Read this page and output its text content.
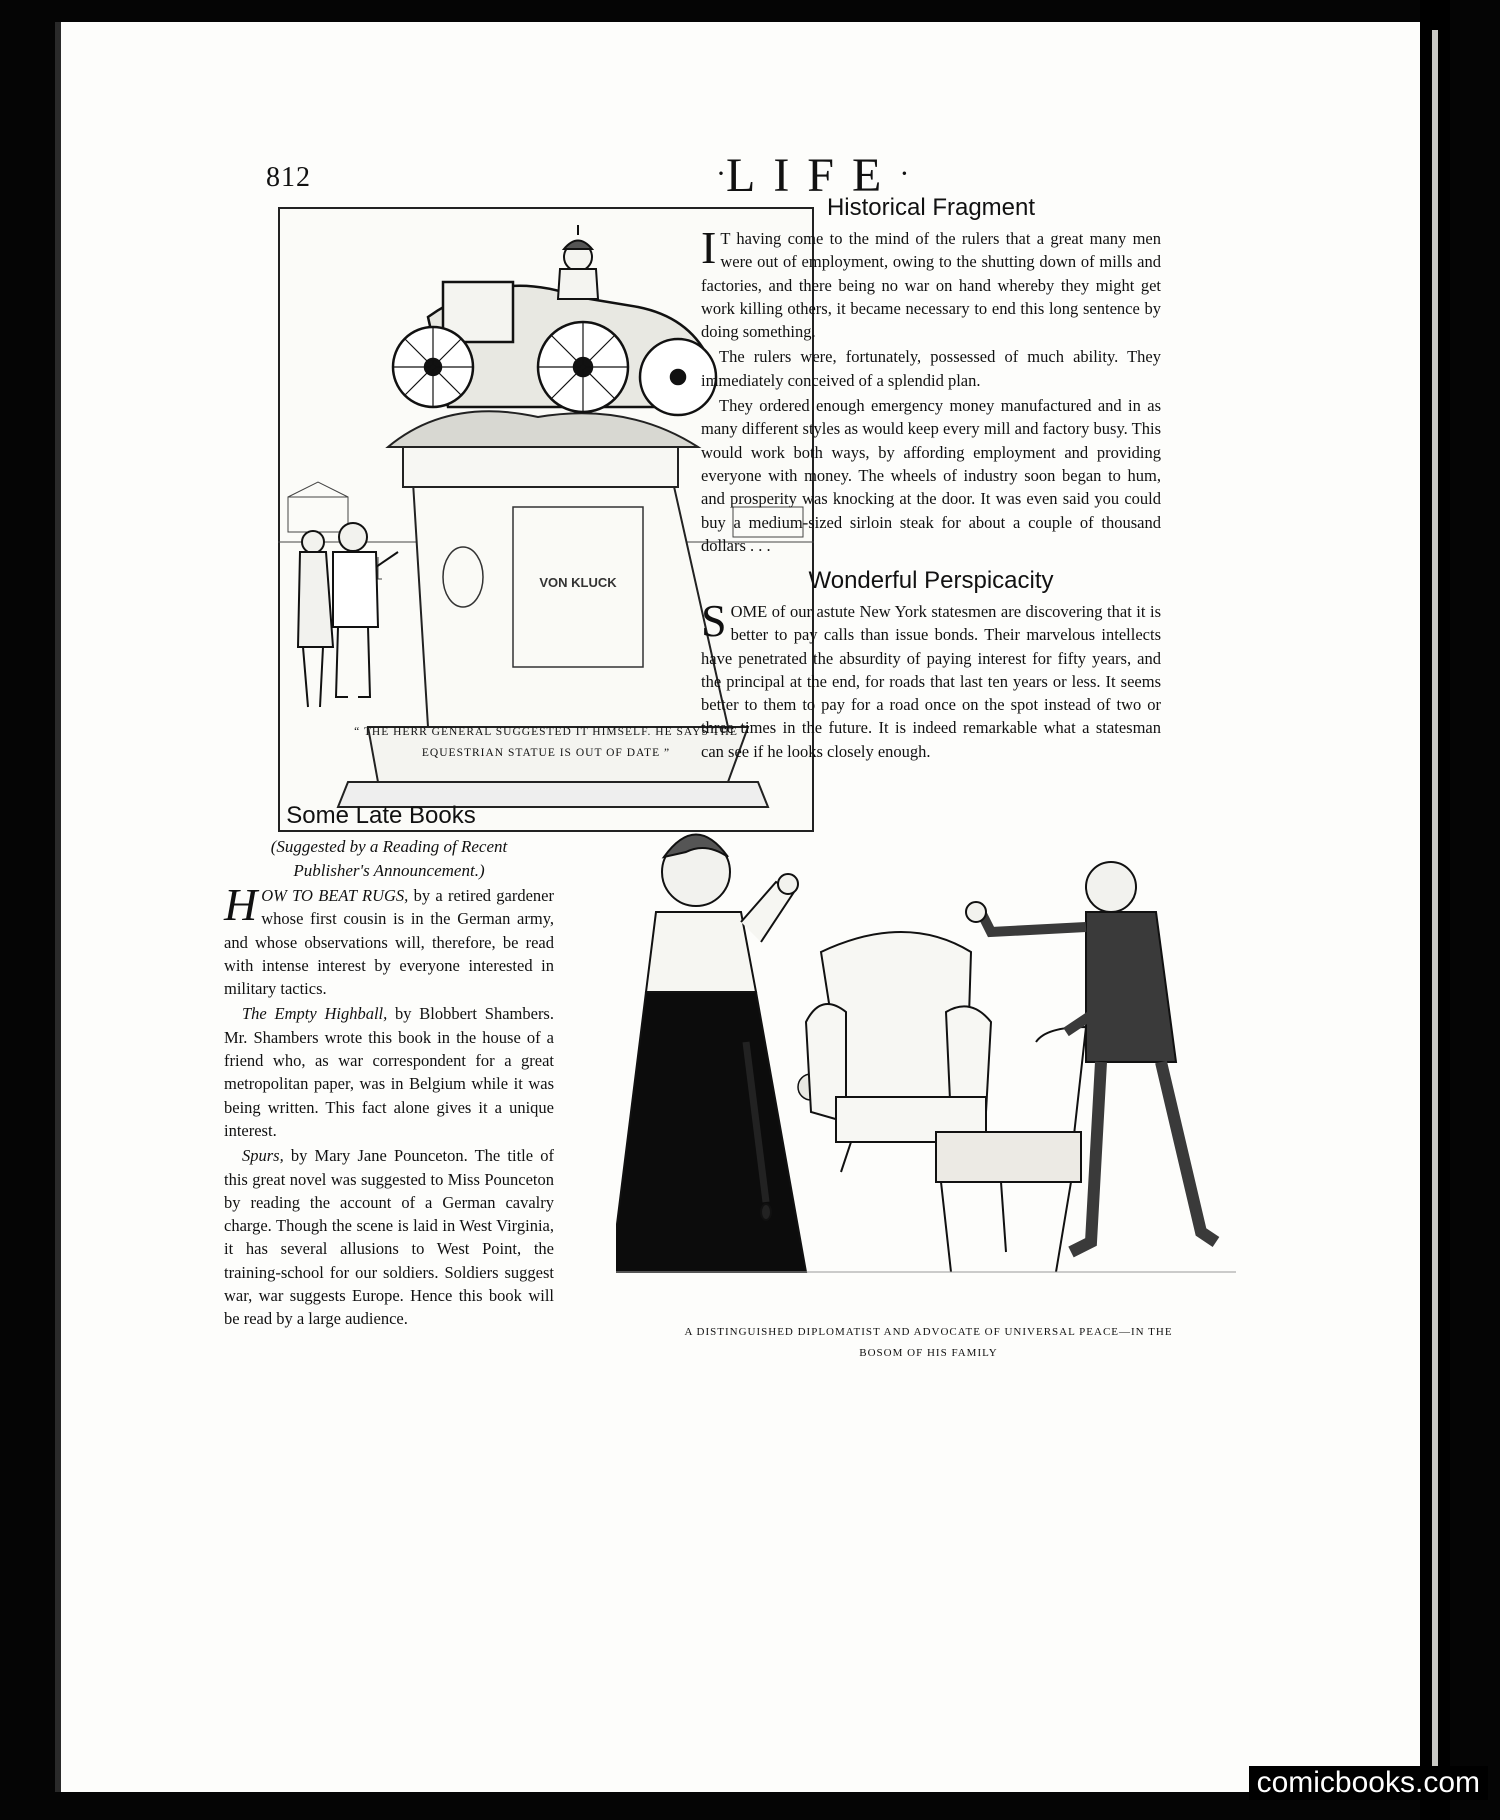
812	·LIFE·
VON KLUCK
“ THE HERR GENERAL SUGGESTED IT HIMSELF. HE SAYS THE
EQUESTRIAN STATUE IS OUT OF DATE ”
Historical Fragment

I T having come to the mind of the rulers that a great many men were out of employment, owing to the shutting down of mills and factories, and there being no war on hand whereby they might get work killing others, it became necessary to end this long sentence by doing something.

The rulers were, fortunately, possessed of much ability. They immediately conceived of a splendid plan.

They ordered enough emergency money manufactured and in as many different styles as would keep every mill and factory busy. This would work both ways, by affording employment and providing everyone with money. The wheels of industry soon began to hum, and prosperity was knocking at the door. It was even said you could buy a medium-sized sirloin steak for about a couple of thousand dollars . . .

Wonderful Perspicacity

SOME of our astute New York statesmen are discovering that it is better to pay calls than issue bonds. Their marvelous intellects have penetrated the absurdity of paying interest for fifty years, and the principal at the end, for roads that last ten years or less. It seems better to them to pay for a road once on the spot instead of two or three times in the future. It is indeed remarkable what a statesman can see if he looks closely enough.

Some Late Books
(Suggested by a Reading of Recent
Publisher's Announcement.)

HOW TO BEAT RUGS, by a retired gardener whose first cousin is in the German army, and whose observations will, therefore, be read with intense interest by everyone interested in military tactics.

The Empty Highball, by Blobbert Shambers. Mr. Shambers wrote this book in the house of a friend who, as war correspondent for a great metropolitan paper, was in Belgium while it was being written. This fact alone gives it a unique interest.

Spurs, by Mary Jane Pounceton. The title of this great novel was suggested to Miss Pounceton by reading the account of a German cavalry charge. Though the scene is laid in West Virginia, it has several allusions to West Point, the training-school for our soldiers. Soldiers suggest war, war suggests Europe. Hence this book will be read by a large audience.

A DISTINGUISHED DIPLOMATIST AND ADVOCATE OF UNIVERSAL PEACE—IN THE
BOSOM OF HIS FAMILY
comicbooks.com
